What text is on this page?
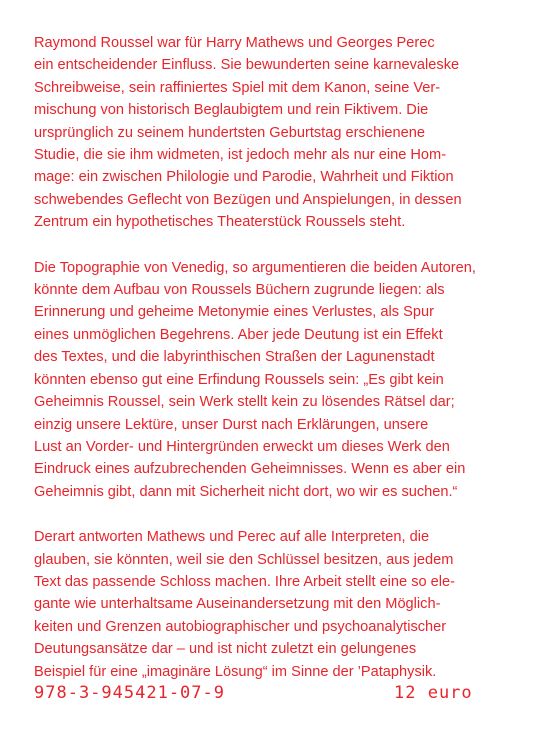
Raymond Roussel war für Harry Mathews und Georges Perec
ein entscheidender Einfluss. Sie bewunderten seine karnevaleske
Schreibweise, sein raffiniertes Spiel mit dem Kanon, seine Ver-
mischung von historisch Beglaubigtem und rein Fiktivem. Die
ursprünglich zu seinem hundertsten Geburtstag erschienene
Studie, die sie ihm widmeten, ist jedoch mehr als nur eine Hom-
mage: ein zwischen Philologie und Parodie, Wahrheit und Fiktion
schwebendes Geflecht von Bezügen und Anspielungen, in dessen
Zentrum ein hypothetisches Theaterstück Roussels steht.

Die Topographie von Venedig, so argumentieren die beiden Autoren,
könnte dem Aufbau von Roussels Büchern zugrunde liegen: als
Erinnerung und geheime Metonymie eines Verlustes, als Spur
eines unmöglichen Begehrens. Aber jede Deutung ist ein Effekt
des Textes, und die labyrinthischen Straßen der Lagunenstadt
könnten ebenso gut eine Erfindung Roussels sein: „Es gibt kein
Geheimnis Roussel, sein Werk stellt kein zu lösendes Rätsel dar;
einzig unsere Lektüre, unser Durst nach Erklärungen, unsere
Lust an Vorder- und Hintergründen erweckt um dieses Werk den
Eindruck eines aufzubrechenden Geheimnisses. Wenn es aber ein
Geheimnis gibt, dann mit Sicherheit nicht dort, wo wir es suchen.“

Derart antworten Mathews und Perec auf alle Interpreten, die
glauben, sie könnten, weil sie den Schlüssel besitzen, aus jedem
Text das passende Schloss machen. Ihre Arbeit stellt eine so ele-
gante wie unterhaltsame Auseinandersetzung mit den Möglich-
keiten und Grenzen autobiographischer und psychoanalytischer
Deutungsansätze dar – und ist nicht zuletzt ein gelungenes
Beispiel für eine „imaginäre Lösung“ im Sinne der ’Pataphysik.

978-3-945421-07-9	12 euro
